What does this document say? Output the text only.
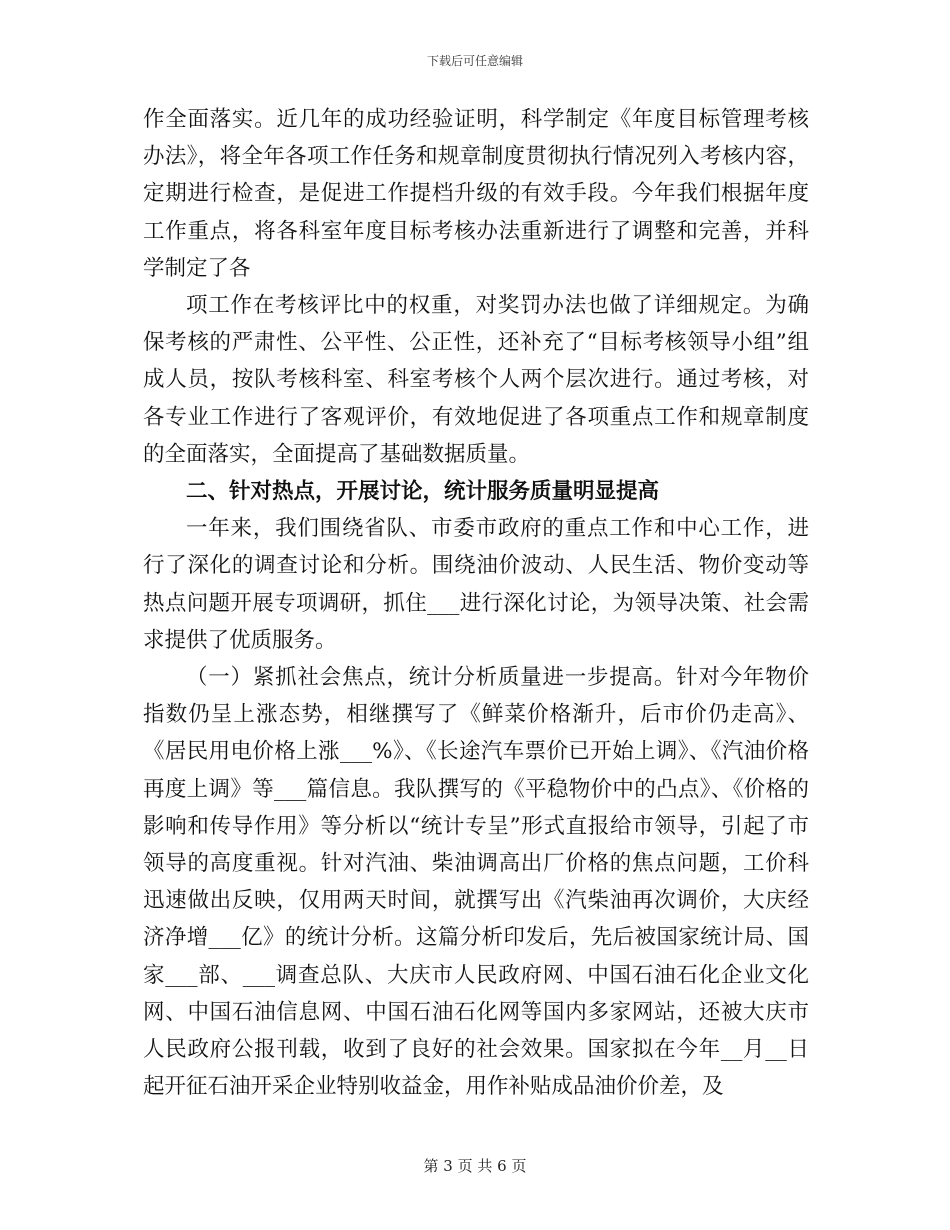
下载后可任意编辑

作全面落实。近几年的成功经验证明，科学制定《年度目标管理考核办法》，将全年各项工作任务和规章制度贯彻执行情况列入考核内容，定期进行检查，是促进工作提档升级的有效手段。今年我们根据年度工作重点，将各科室年度目标考核办法重新进行了调整和完善，并科学制定了各

项工作在考核评比中的权重，对奖罚办法也做了详细规定。为确保考核的严肃性、公平性、公正性，还补充了“目标考核领导小组”组成人员，按队考核科室、科室考核个人两个层次进行。通过考核，对各专业工作进行了客观评价，有效地促进了各项重点工作和规章制度的全面落实，全面提高了基础数据质量。

二、针对热点，开展讨论，统计服务质量明显提高

一年来，我们围绕省队、市委市政府的重点工作和中心工作，进行了深化的调查讨论和分析。围绕油价波动、人民生活、物价变动等热点问题开展专项调研，抓住___进行深化讨论，为领导决策、社会需求提供了优质服务。

（一）紧抓社会焦点，统计分析质量进一步提高。针对今年物价指数仍呈上涨态势，相继撰写了《鲜菜价格渐升，后市价仍走高》、《居民用电价格上涨___%》、《长途汽车票价已开始上调》、《汽油价格再度上调》等___篇信息。我队撰写的《平稳物价中的凸点》、《价格的影响和传导作用》等分析以“统计专呈”形式直报给市领导，引起了市领导的高度重视。针对汽油、柴油调高出厂价格的焦点问题，工价科迅速做出反映，仅用两天时间，就撰写出《汽柴油再次调价，大庆经济净增___亿》的统计分析。这篇分析印发后，先后被国家统计局、国家___部、___调查总队、大庆市人民政府网、中国石油石化企业文化网、中国石油信息网、中国石油石化网等国内多家网站，还被大庆市人民政府公报刊载，收到了良好的社会效果。国家拟在今年__月__日起开征石油开采企业特别收益金，用作补贴成品油价价差，及

第 3 页 共 6 页
